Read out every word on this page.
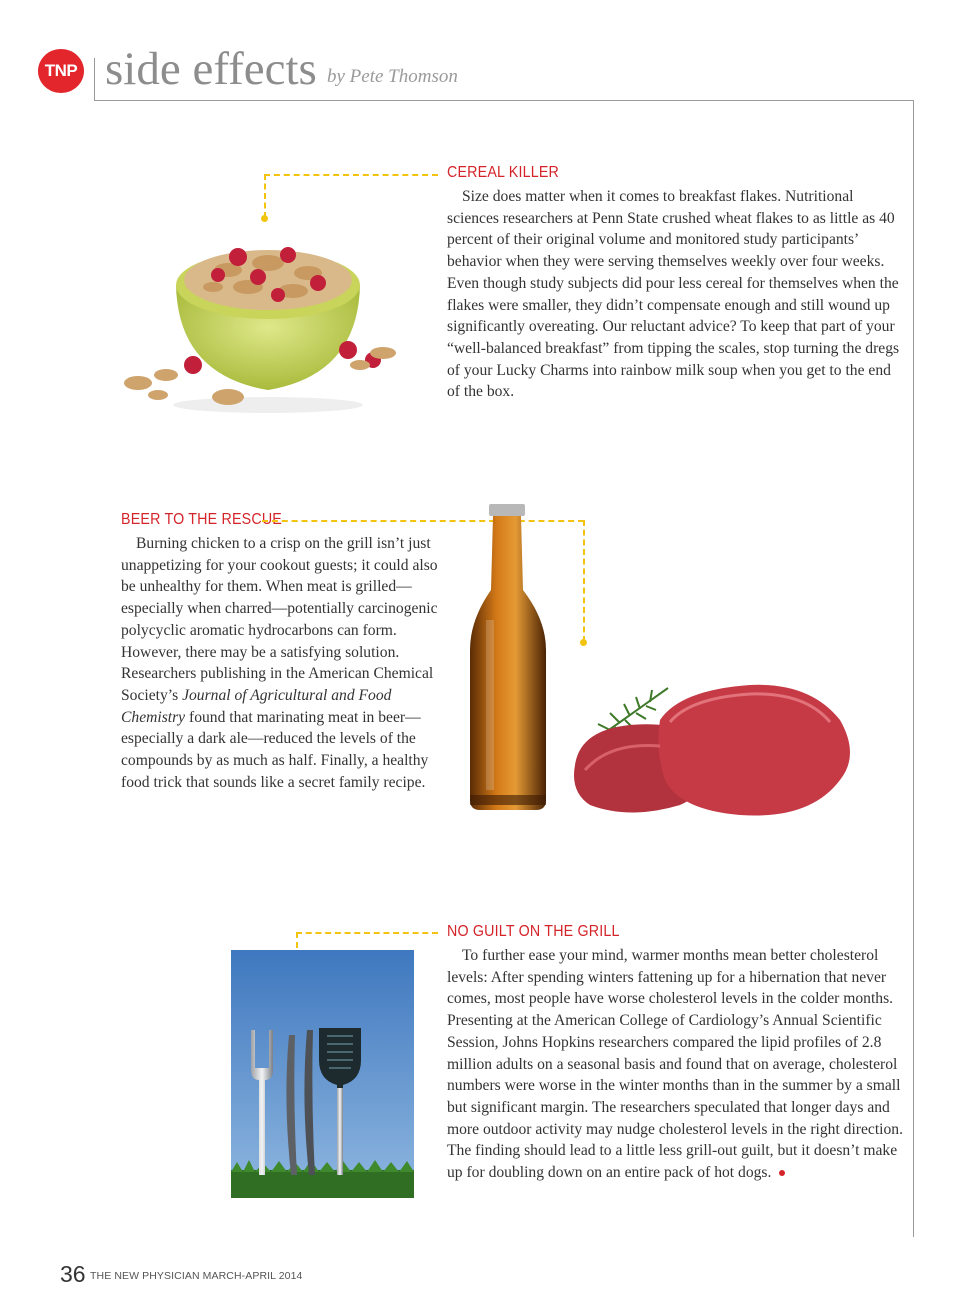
TNP side effects by Pete Thomson
CEREAL KILLER

Size does matter when it comes to breakfast flakes. Nutritional sciences researchers at Penn State crushed wheat flakes to as little as 40 percent of their original volume and monitored study participants’ behavior when they were serving themselves weekly over four weeks. Even though study subjects did pour less cereal for themselves when the flakes were smaller, they didn’t compensate enough and still wound up significantly overeating. Our reluctant advice? To keep that part of your “well-balanced breakfast” from tipping the scales, stop turning the dregs of your Lucky Charms into rainbow milk soup when you get to the end of the box.

BEER TO THE RESCUE

Burning chicken to a crisp on the grill isn’t just unappetizing for your cookout guests; it could also be unhealthy for them. When meat is grilled—especially when charred—potentially carcinogenic polycyclic aromatic hydrocarbons can form. However, there may be a satisfying solution. Researchers publishing in the American Chemical Society’s Journal of Agricultural and Food Chemistry found that marinating meat in beer—especially a dark ale—reduced the levels of the compounds by as much as half. Finally, a healthy food trick that sounds like a secret family recipe.

NO GUILT ON THE GRILL

To further ease your mind, warmer months mean better cholesterol levels: After spending winters fattening up for a hibernation that never comes, most people have worse cholesterol levels in the colder months. Presenting at the American College of Cardiology’s Annual Scientific Session, Johns Hopkins researchers compared the lipid profiles of 2.8 million adults on a seasonal basis and found that on average, cholesterol numbers were worse in the winter months than in the summer by a small but significant margin. The researchers speculated that longer days and more outdoor activity may nudge cholesterol levels in the right direction. The finding should lead to a little less grill-out guilt, but it doesn’t make up for doubling down on an entire pack of hot dogs.

36 THE NEW PHYSICIAN MARCH-APRIL 2014
